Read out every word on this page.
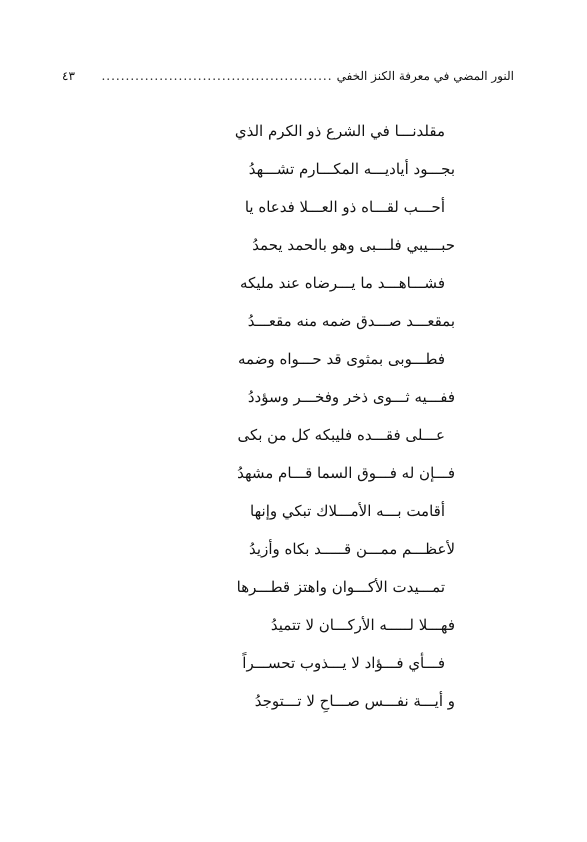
النور المضي في معرفة الكنز الخفي
................................................
٤٣
مقلدنـــا في الشرع ذو الكرم الذي
بجـــود أياديـــه المكـــارم تشـــهدُ
أحـــب لقـــاه ذو العـــلا فدعاه يا
حبـــيبي فلـــبى وهو بالحمد يحمدُ
فشـــاهـــد ما يـــرضاه عند مليكه
بمقعـــد صـــدق ضمه منه مقعـــدُ
فطـــوبى بمثوى قد حـــواه وضمه
ففـــيه ثـــوى ذخر وفخـــر وسؤددُ
عـــلى فقـــده فليبكه كل من بكى
فـــإن له فـــوق السما قـــام مشهدُ
أقامت بـــه الأمـــلاك تبكي وإنها
لأعظـــم ممـــن قـــــد بكاه وأزيدُ
تمـــيدت الأكـــوان واهتز قطـــرها
فهـــلا لـــــه الأركـــان لا تتميدُ
فـــأي فـــؤاد لا يـــذوب تحســـراً
و أيـــة نفـــس صـــاحِ لا تـــتوجدُ
